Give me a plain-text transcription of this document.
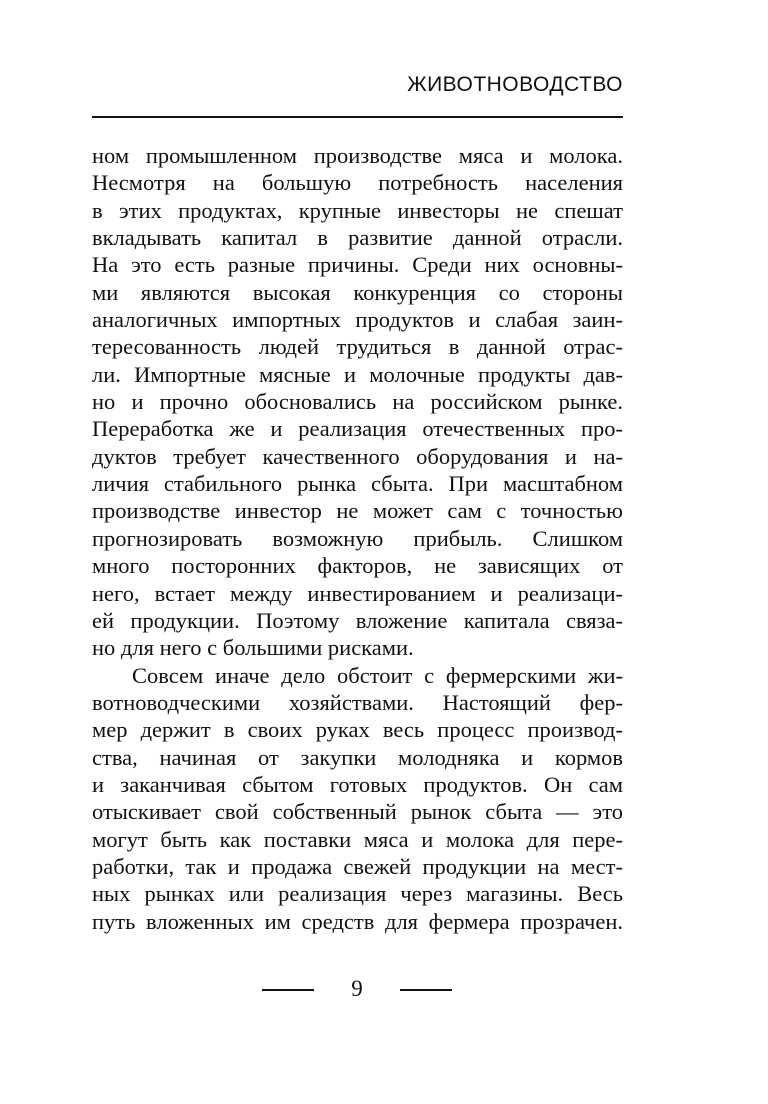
ЖИВОТНОВОДСТВО
ном промышленном производстве мяса и молока.
Несмотря на большую потребность населения
в этих продуктах, крупные инвесторы не спешат
вкладывать капитал в развитие данной отрасли.
На это есть разные причины. Среди них основны-
ми являются высокая конкуренция со стороны
аналогичных импортных продуктов и слабая заин-
тересованность людей трудиться в данной отрас-
ли. Импортные мясные и молочные продукты дав-
но и прочно обосновались на российском рынке.
Переработка же и реализация отечественных про-
дуктов требует качественного оборудования и на-
личия стабильного рынка сбыта. При масштабном
производстве инвестор не может сам с точностью
прогнозировать возможную прибыль. Слишком
много посторонних факторов, не зависящих от
него, встает между инвестированием и реализаци-
ей продукции. Поэтому вложение капитала связа-
но для него с большими рисками.
Совсем иначе дело обстоит с фермерскими жи-
вотноводческими хозяйствами. Настоящий фер-
мер держит в своих руках весь процесс производ-
ства, начиная от закупки молодняка и кормов
и заканчивая сбытом готовых продуктов. Он сам
отыскивает свой собственный рынок сбыта — это
могут быть как поставки мяса и молока для пере-
работки, так и продажа свежей продукции на мест-
ных рынках или реализация через магазины. Весь
путь вложенных им средств для фермера прозрачен.
9
